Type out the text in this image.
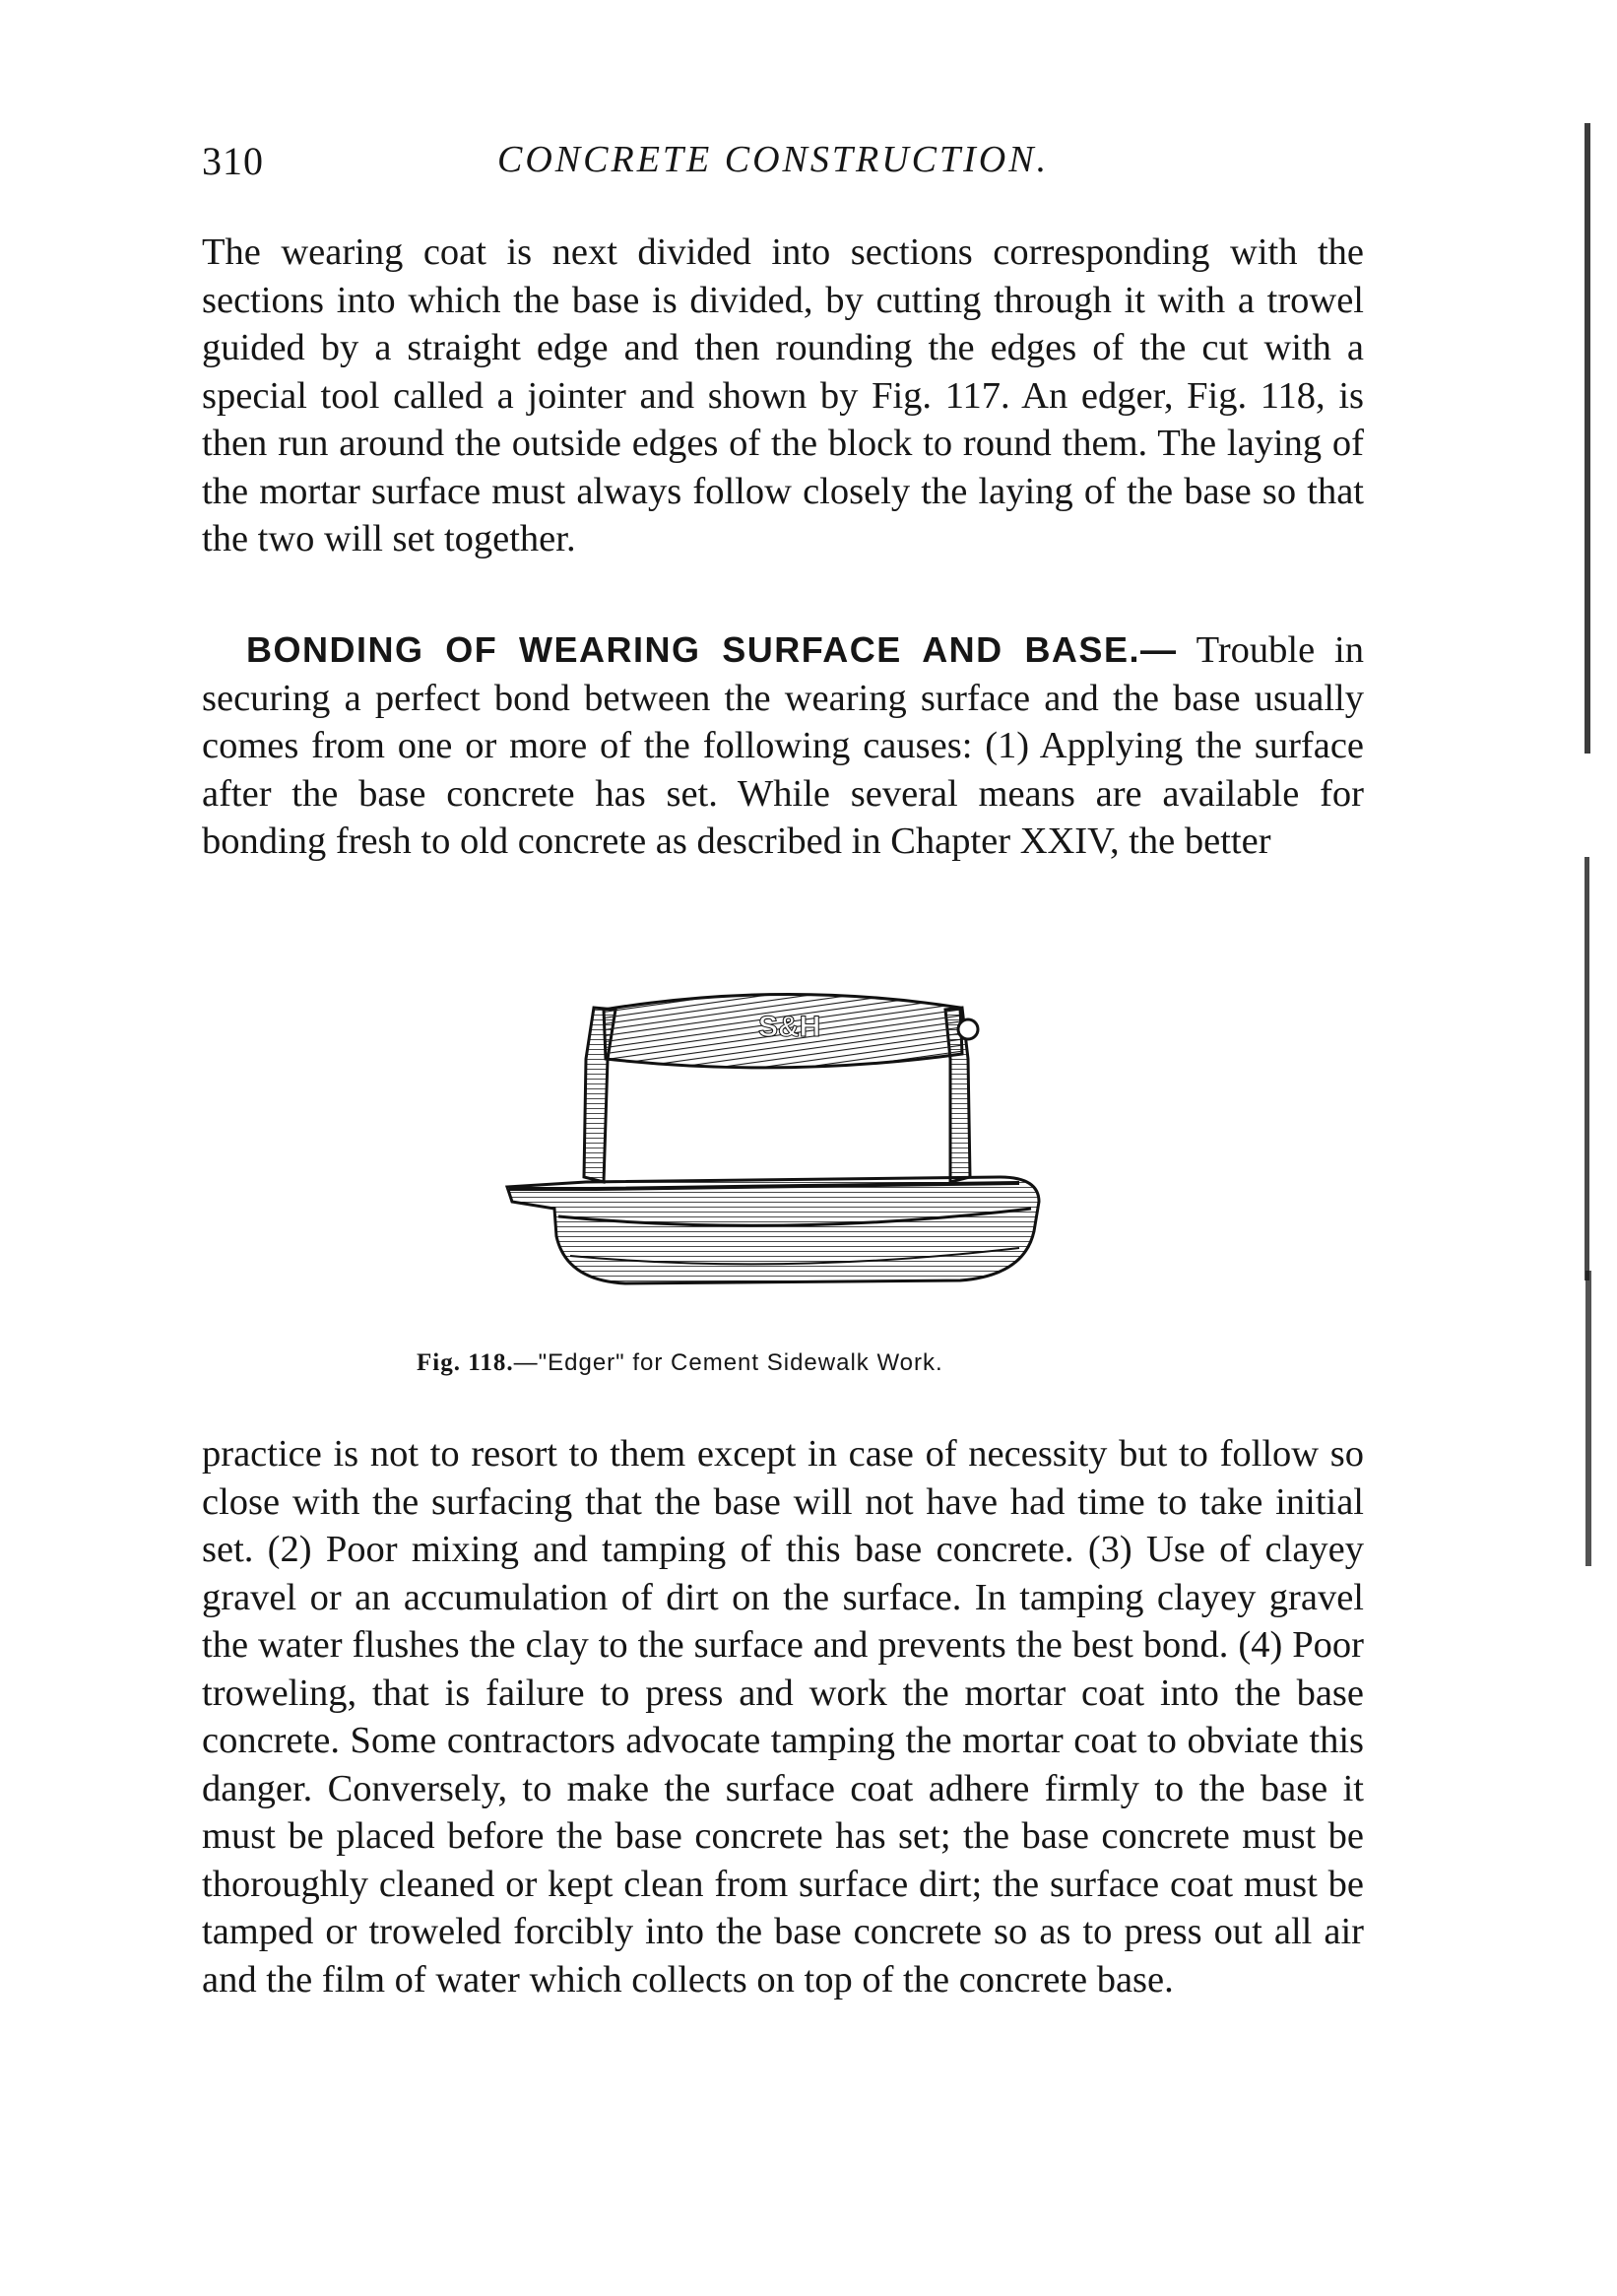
310	CONCRETE CONSTRUCTION.

The wearing coat is next divided into sections corresponding with the sections into which the base is divided, by cutting through it with a trowel guided by a straight edge and then rounding the edges of the cut with a special tool called a jointer and shown by Fig. 117. An edger, Fig. 118, is then run around the outside edges of the block to round them. The laying of the mortar surface must always follow closely the laying of the base so that the two will set together.

BONDING OF WEARING SURFACE AND BASE.— Trouble in securing a perfect bond between the wearing surface and the base usually comes from one or more of the following causes: (1) Applying the surface after the base concrete has set. While several means are available for bonding fresh to old concrete as described in Chapter XXIV, the better

S&H
Fig. 118.—"Edger" for Cement Sidewalk Work.

practice is not to resort to them except in case of necessity but to follow so close with the surfacing that the base will not have had time to take initial set. (2) Poor mixing and tamping of this base concrete. (3) Use of clayey gravel or an accumulation of dirt on the surface. In tamping clayey gravel the water flushes the clay to the surface and prevents the best bond. (4) Poor troweling, that is failure to press and work the mortar coat into the base concrete. Some contractors advocate tamping the mortar coat to obviate this danger. Conversely, to make the surface coat adhere firmly to the base it must be placed before the base concrete has set; the base concrete must be thoroughly cleaned or kept clean from surface dirt; the surface coat must be tamped or troweled forcibly into the base concrete so as to press out all air and the film of water which collects on top of the concrete base.
